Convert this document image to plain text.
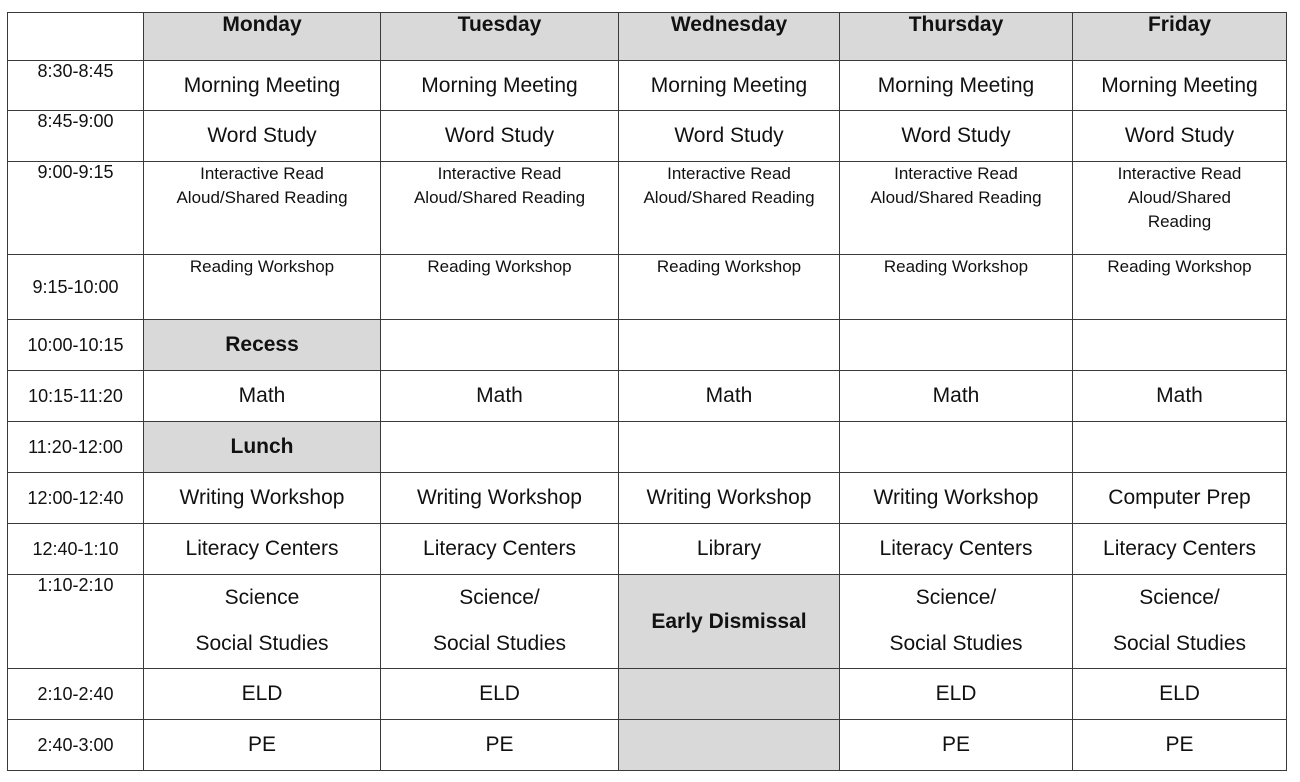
	Monday	Tuesday	Wednesday	Thursday	Friday
8:30-8:45	Morning Meeting	Morning Meeting	Morning Meeting	Morning Meeting	Morning Meeting
8:45-9:00	Word Study	Word Study	Word Study	Word Study	Word Study
9:00-9:15	Interactive Read
Aloud/Shared Reading	Interactive Read
Aloud/Shared Reading	Interactive Read
Aloud/Shared Reading	Interactive Read
Aloud/Shared Reading	Interactive Read
Aloud/Shared
Reading

9:15-10:00	Reading Workshop	Reading Workshop	Reading Workshop	Reading Workshop	Reading Workshop
10:00-10:15	Recess				
10:15-11:20	Math	Math	Math	Math	Math
11:20-12:00	Lunch				
12:00-12:40	Writing Workshop	Writing Workshop	Writing Workshop	Writing Workshop	Computer Prep
12:40-1:10	Literacy Centers	Literacy Centers	Library	Literacy Centers	Literacy Centers
1:10-2:10	Science
Social Studies	Science/
Social Studies	Early Dismissal	Science/
Social Studies	Science/
Social Studies

2:10-2:40	ELD	ELD		ELD	ELD
2:40-3:00	PE	PE		PE	PE
